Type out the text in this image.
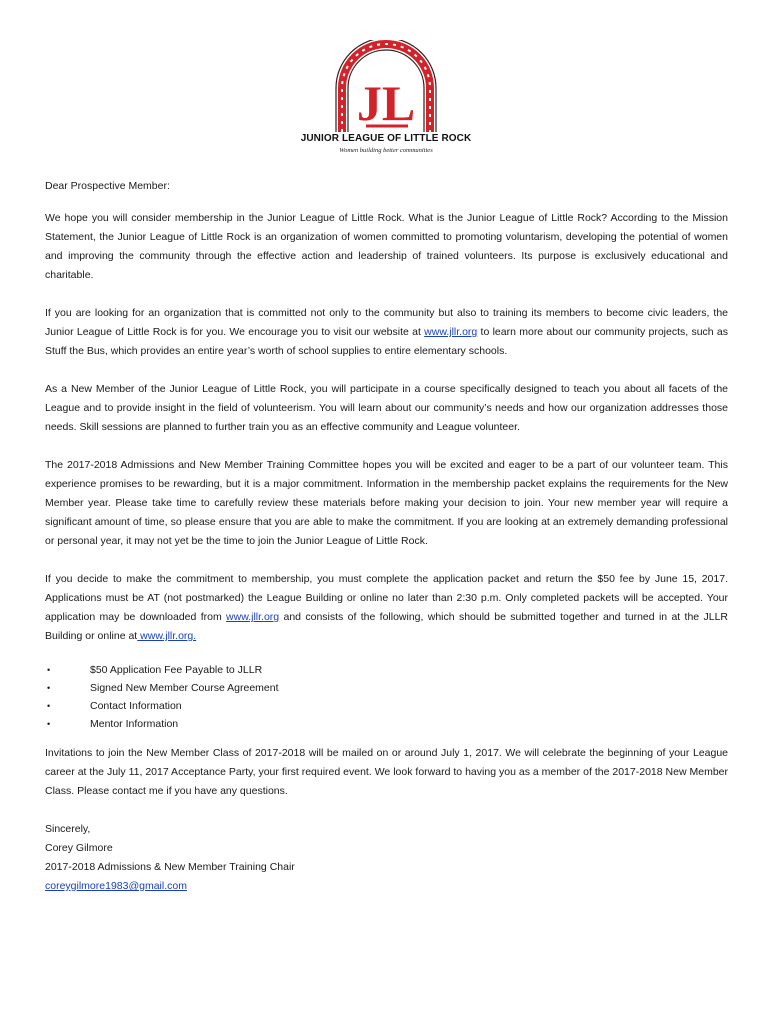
JL
JUNIOR LEAGUE OF LITTLE ROCK
Women building better communities

Dear Prospective Member:

We hope you will consider membership in the Junior League of Little Rock. What is the Junior League of Little Rock? According to the Mission Statement, the Junior League of Little Rock is an organization of women committed to promoting voluntarism, developing the potential of women and improving the community through the effective action and leadership of trained volunteers. Its purpose is exclusively educational and charitable.

If you are looking for an organization that is committed not only to the community but also to training its members to become civic leaders, the Junior League of Little Rock is for you. We encourage you to visit our website at www.jllr.org to learn more about our community projects, such as Stuff the Bus, which provides an entire year’s worth of school supplies to entire elementary schools.

As a New Member of the Junior League of Little Rock, you will participate in a course specifically designed to teach you about all facets of the League and to provide insight in the field of volunteerism. You will learn about our community’s needs and how our organization addresses those needs. Skill sessions are planned to further train you as an effective community and League volunteer.

The 2017-2018 Admissions and New Member Training Committee hopes you will be excited and eager to be a part of our volunteer team. This experience promises to be rewarding, but it is a major commitment. Information in the membership packet explains the requirements for the New Member year. Please take time to carefully review these materials before making your decision to join. Your new member year will require a significant amount of time, so please ensure that you are able to make the commitment. If you are looking at an extremely demanding professional or personal year, it may not yet be the time to join the Junior League of Little Rock.

If you decide to make the commitment to membership, you must complete the application packet and return the $50 fee by June 15, 2017. Applications must be AT (not postmarked) the League Building or online no later than 2:30 p.m. Only completed packets will be accepted. Your application may be downloaded from www.jllr.org and consists of the following, which should be submitted together and turned in at the JLLR Building or online at www.jllr.org.

•	$50 Application Fee Payable to JLLR
•	Signed New Member Course Agreement
•	Contact Information
•	Mentor Information

Invitations to join the New Member Class of 2017-2018 will be mailed on or around July 1, 2017. We will celebrate the beginning of your League career at the July 11, 2017 Acceptance Party, your first required event. We look forward to having you as a member of the 2017-2018 New Member Class. Please contact me if you have any questions.

Sincerely,
Corey Gilmore
2017-2018 Admissions & New Member Training Chair
coreygilmore1983@gmail.com
